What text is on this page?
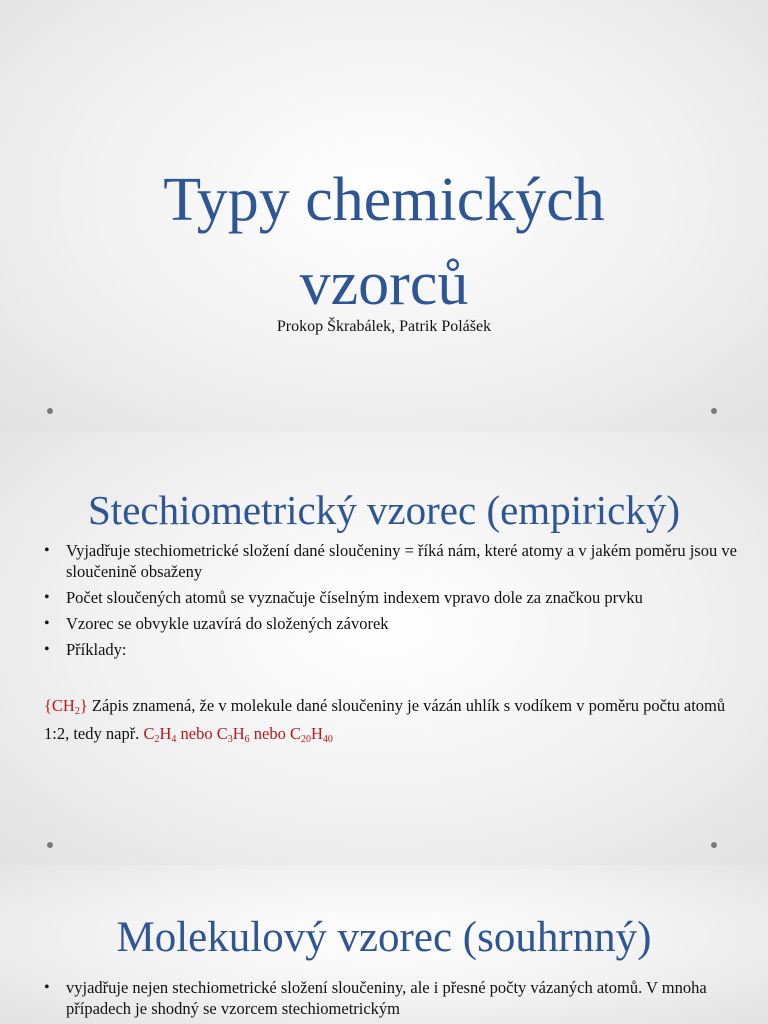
Typy chemických
vzorců

Prokop Škrabálek, Patrik Polášek

Stechiometrický vzorec (empirický)
• Vyjadřuje stechiometrické složení dané sloučeniny = říká nám, které atomy a v jakém poměru jsou ve sloučenině obsaženy
• Počet sloučených atomů se vyznačuje číselným indexem vpravo dole za značkou prvku
• Vzorec se obvykle uzavírá do složených závorek
• Příklady:

$\{CH_2\}$ Zápis znamená, že v molekule dané sloučeniny je vázán uhlík s vodíkem v poměru počtu atomů 1:2, tedy např. $C_2H_4$ nebo $C_3H_6$ nebo $C_{20}H_{40}$

Molekulový vzorec (souhrnný)
• vyjadřuje nejen stechiometrické složení sloučeniny, ale i přesné počty vázaných atomů. V mnoha případech je shodný se vzorcem stechiometrickým
